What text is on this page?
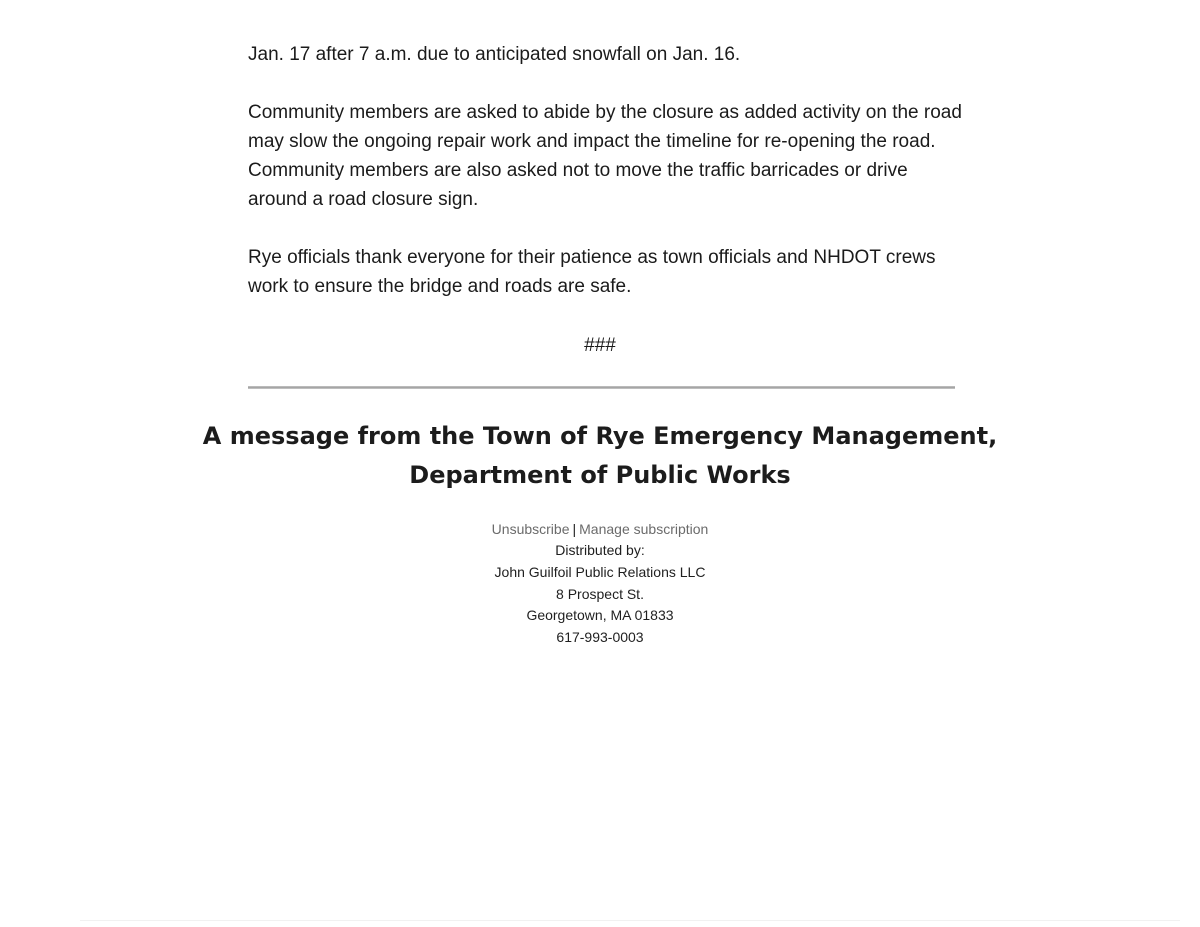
Jan. 17 after 7 a.m. due to anticipated snowfall on Jan. 16.

Community members are asked to abide by the closure as added activity on the road may slow the ongoing repair work and impact the timeline for re-opening the road. Community members are also asked not to move the traffic barricades or drive around a road closure sign.

Rye officials thank everyone for their patience as town officials and NHDOT crews work to ensure the bridge and roads are safe.

###
A message from the Town of Rye Emergency Management,
Department of Public Works
Unsubscribe | Manage subscription
Distributed by:
John Guilfoil Public Relations LLC
8 Prospect St.
Georgetown, MA 01833
617-993-0003
